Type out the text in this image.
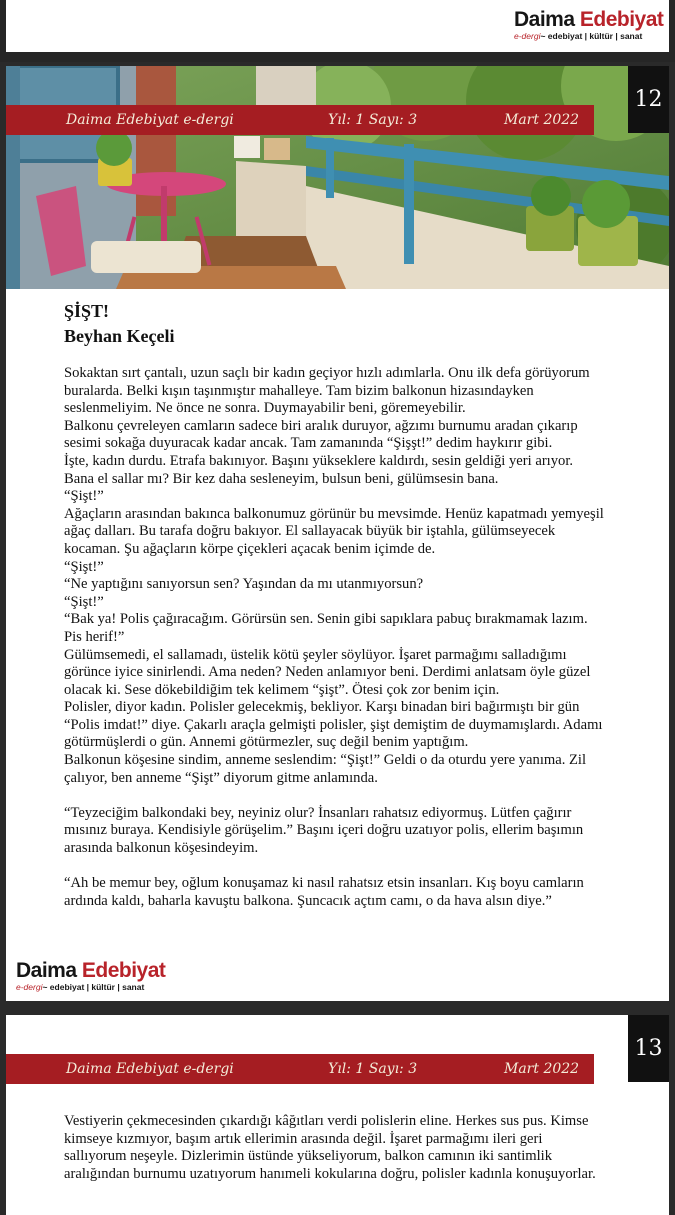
Daima Edebiyat
e-dergi~ edebiyat | kültür | sanat
Daima Edebiyat e-dergi	Yıl: 1 Sayı: 3	Mart 2022
12
ŞİŞT!
Beyhan Keçeli

Sokaktan sırt çantalı, uzun saçlı bir kadın geçiyor hızlı adımlarla. Onu ilk defa görüyorum

buralarda. Belki kışın taşınmıştır mahalleye. Tam bizim balkonun hizasındayken

seslenmeliyim. Ne önce ne sonra. Duymayabilir beni, göremeyebilir.

Balkonu çevreleyen camların sadece biri aralık duruyor, ağzımı burnumu aradan çıkarıp

sesimi sokağa duyuracak kadar ancak. Tam zamanında “Şişşt!” dedim haykırır gibi.

İşte, kadın durdu. Etrafa bakınıyor. Başını yükseklere kaldırdı, sesin geldiği yeri arıyor.

Bana el sallar mı? Bir kez daha sesleneyim, bulsun beni, gülümsesin bana.

“Şişt!”

Ağaçların arasından bakınca balkonumuz görünür bu mevsimde. Henüz kapatmadı yemyeşil

ağaç dalları. Bu tarafa doğru bakıyor. El sallayacak büyük bir iştahla, gülümseyecek

kocaman. Şu ağaçların körpe çiçekleri açacak benim içimde de.

“Şişt!”

“Ne yaptığını sanıyorsun sen? Yaşından da mı utanmıyorsun?

“Şişt!”

“Bak ya! Polis çağıracağım. Görürsün sen. Senin gibi sapıklara pabuç bırakmamak lazım.

Pis herif!”

Gülümsemedi, el sallamadı, üstelik kötü şeyler söylüyor. İşaret parmağımı salladığımı

görünce iyice sinirlendi. Ama neden? Neden anlamıyor beni. Derdimi anlatsam öyle güzel

olacak ki. Sese dökebildiğim tek kelimem “şişt”. Ötesi çok zor benim için.

Polisler, diyor kadın. Polisler gelecekmiş, bekliyor. Karşı binadan biri bağırmıştı bir gün

“Polis imdat!” diye. Çakarlı araçla gelmişti polisler, şişt demiştim de duymamışlardı. Adamı

götürmüşlerdi o gün. Annemi götürmezler, suç değil benim yaptığım.

Balkonun köşesine sindim, anneme seslendim: “Şişt!” Geldi o da oturdu yere yanıma. Zil

çalıyor, ben anneme “Şişt” diyorum gitme anlamında.

“Teyzeciğim balkondaki bey, neyiniz olur? İnsanları rahatsız ediyormuş. Lütfen çağırır

mısınız buraya. Kendisiyle görüşelim.” Başını içeri doğru uzatıyor polis, ellerim başımın

arasında balkonun köşesindeyim.

“Ah be memur bey, oğlum konuşamaz ki nasıl rahatsız etsin insanları. Kış boyu camların

ardında kaldı, baharla kavuştu balkona. Şuncacık açtım camı, o da hava alsın diye.”

Daima Edebiyat
e-dergi~ edebiyat | kültür | sanat
Daima Edebiyat e-dergi	Yıl: 1 Sayı: 3	Mart 2022
13

Vestiyerin çekmecesinden çıkardığı kâğıtları verdi polislerin eline. Herkes sus pus. Kimse

kimseye kızmıyor, başım artık ellerimin arasında değil. İşaret parmağımı ileri geri

sallıyorum neşeyle. Dizlerimin üstünde yükseliyorum, balkon camının iki santimlik

aralığından burnumu uzatıyorum hanımeli kokularına doğru, polisler kadınla konuşuyorlar.
